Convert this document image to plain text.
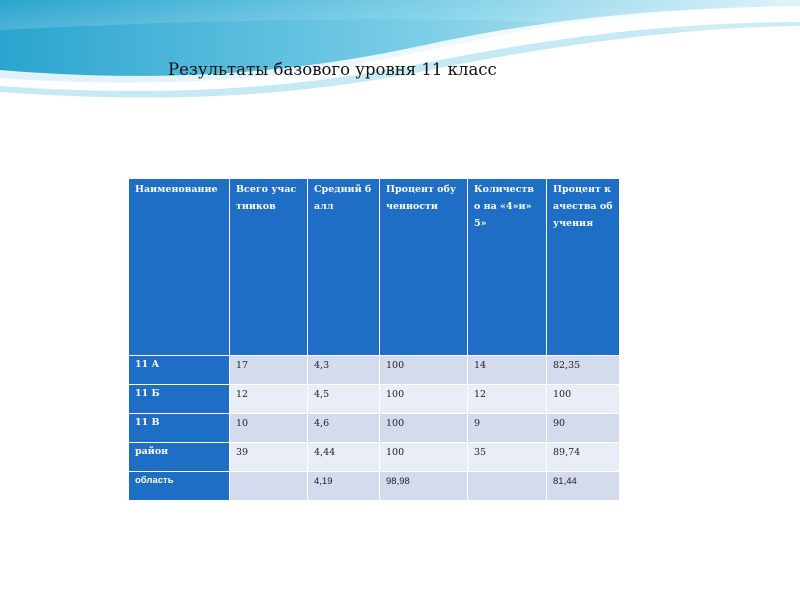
Результаты базового уровня 11 класс
Наименование	Всего участников	Средний балл	Процент обученности	Количество на «4»и» 5»	Процент качества обучения
11 А	17	4,3	100	14	82,35
11 Б	12	4,5	100	12	100
11 В	10	4,6	100	9	90
район	39	4,44	100	35	89,74
область		4,19	98,98		81,44
